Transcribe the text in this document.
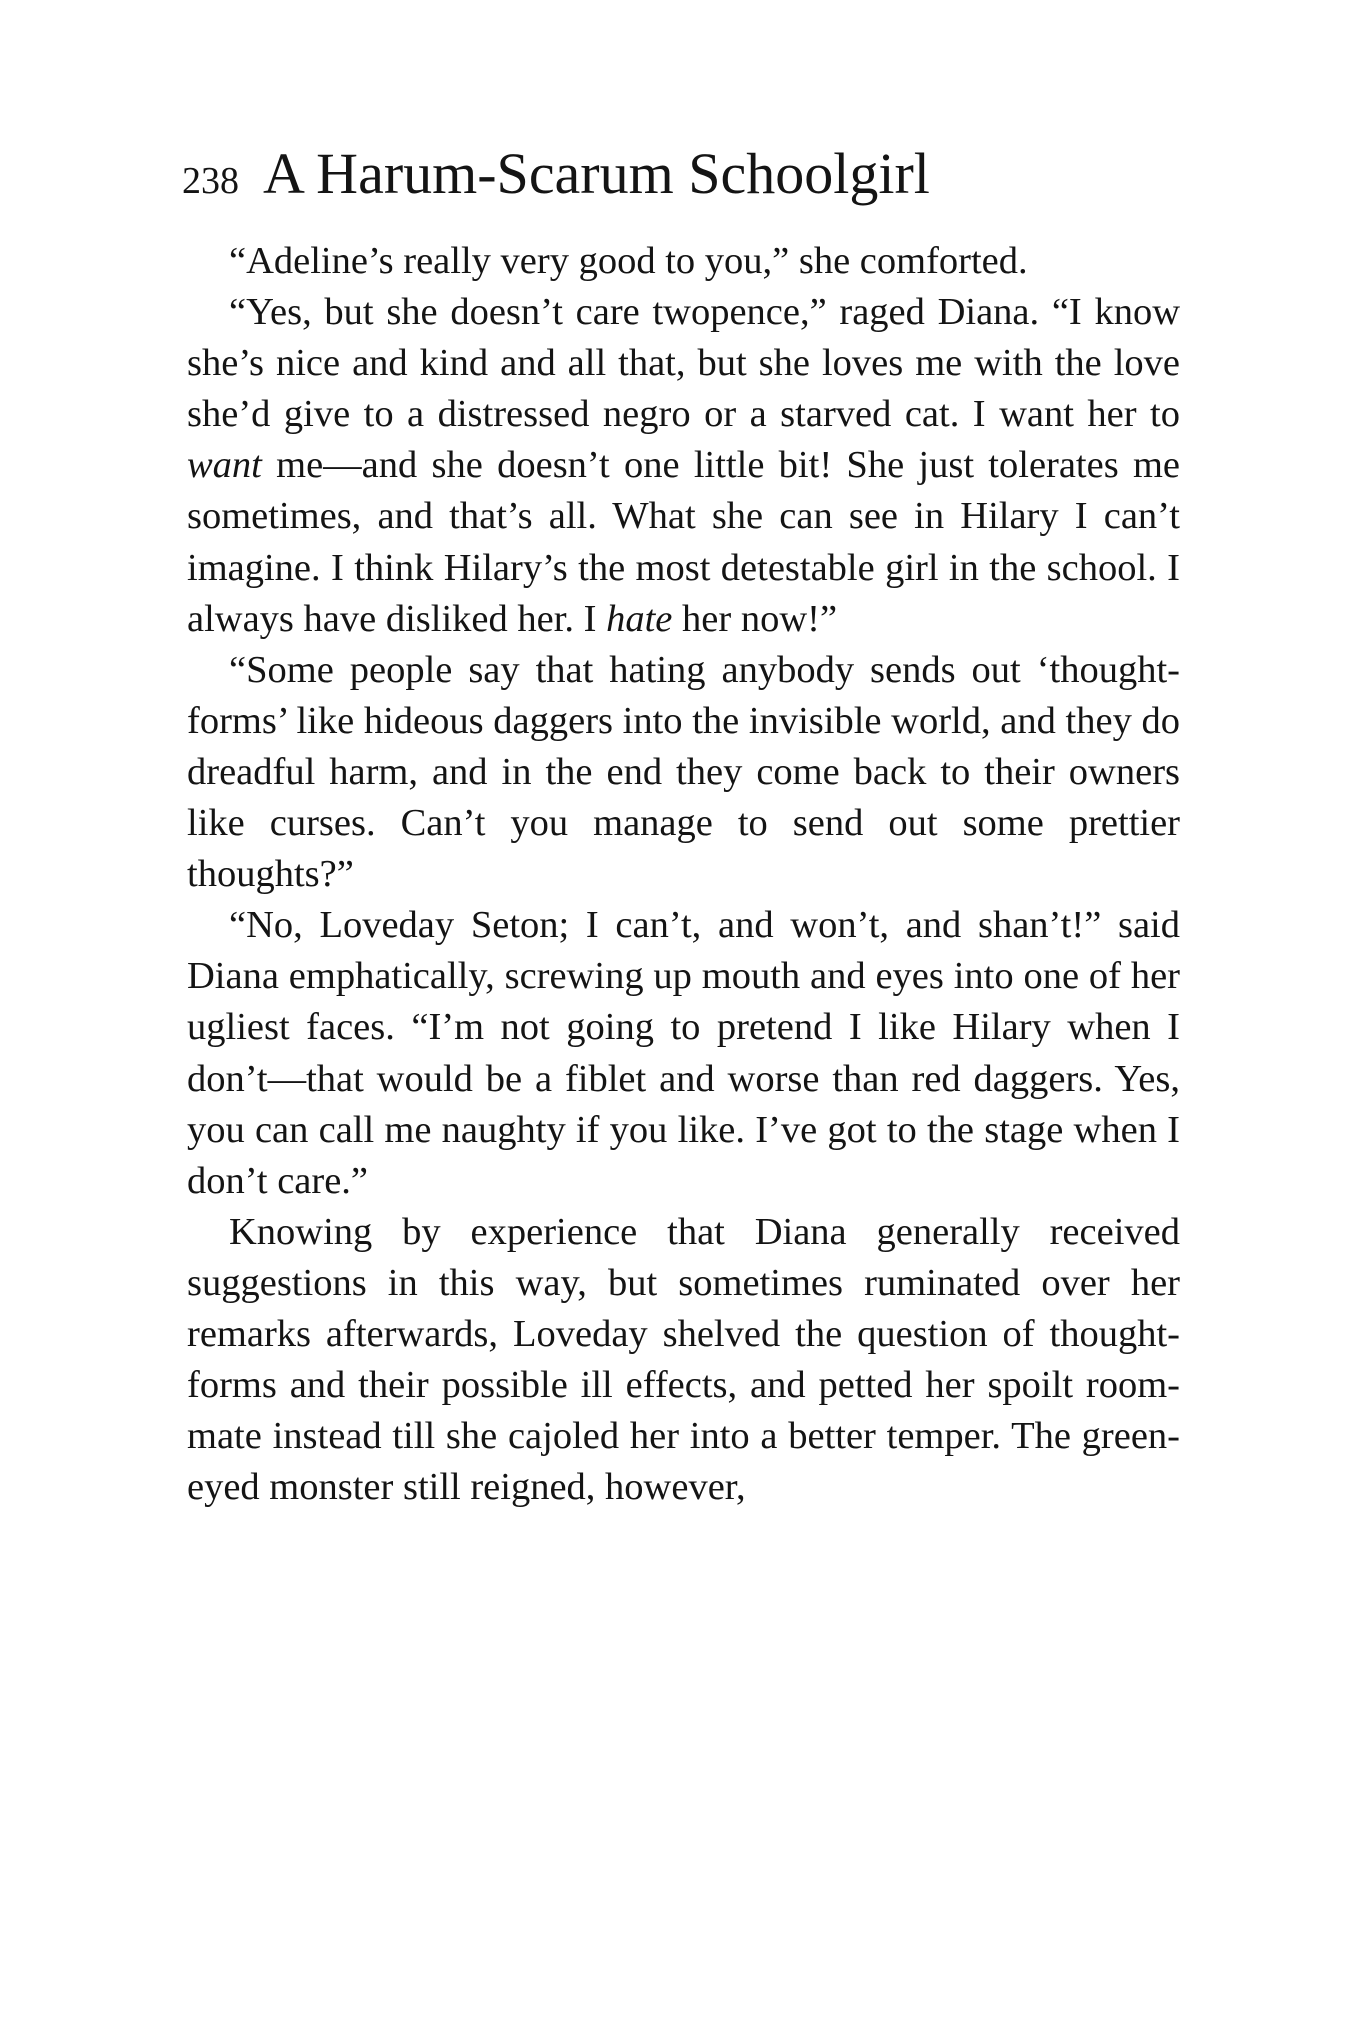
238 A Harum-Scarum Schoolgirl

“Adeline’s really very good to you,” she comforted.

“Yes, but she doesn’t care twopence,” raged Diana. “I know she’s nice and kind and all that, but she loves me with the love she’d give to a distressed negro or a starved cat. I want her to want me—and she doesn’t one little bit! She just tolerates me sometimes, and that’s all. What she can see in Hilary I can’t imagine. I think Hilary’s the most detestable girl in the school. I always have disliked her. I hate her now!”

“Some people say that hating anybody sends out ‘thought-forms’ like hideous daggers into the invisible world, and they do dreadful harm, and in the end they come back to their owners like curses. Can’t you manage to send out some prettier thoughts?”

“No, Loveday Seton; I can’t, and won’t, and shan’t!” said Diana emphatically, screwing up mouth and eyes into one of her ugliest faces. “I’m not going to pretend I like Hilary when I don’t—that would be a fiblet and worse than red daggers. Yes, you can call me naughty if you like. I’ve got to the stage when I don’t care.”

Knowing by experience that Diana generally received suggestions in this way, but sometimes ruminated over her remarks afterwards, Loveday shelved the question of thought-forms and their possible ill effects, and petted her spoilt room-mate instead till she cajoled her into a better temper. The green-eyed monster still reigned, however,
